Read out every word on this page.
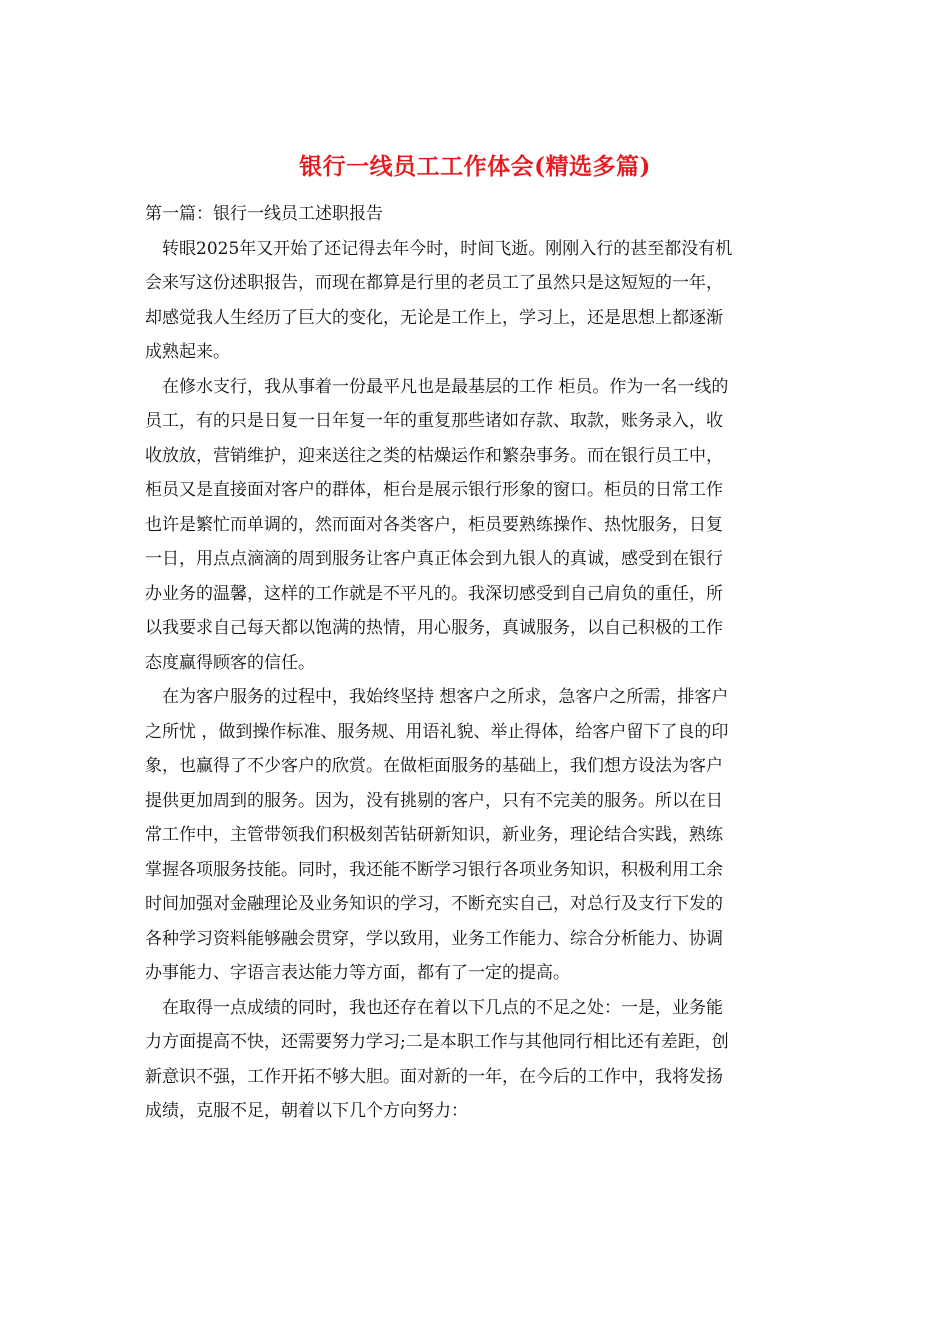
银行一线员工工作体会(精选多篇)
第一篇：银行一线员工述职报告
转眼2025年又开始了还记得去年今时，时间飞逝。刚刚入行的甚至都没有机
会来写这份述职报告，而现在都算是行里的老员工了虽然只是这短短的一年，
却感觉我人生经历了巨大的变化，无论是工作上，学习上，还是思想上都逐渐
成熟起来。
在修水支行，我从事着一份最平凡也是最基层的工作 柜员。作为一名一线的
员工，有的只是日复一日年复一年的重复那些诸如存款、取款，账务录入，收
收放放，营销维护，迎来送往之类的枯燥运作和繁杂事务。而在银行员工中，
柜员又是直接面对客户的群体，柜台是展示银行形象的窗口。柜员的日常工作
也许是繁忙而单调的，然而面对各类客户，柜员要熟练操作、热忱服务，日复
一日，用点点滴滴的周到服务让客户真正体会到九银人的真诚，感受到在银行
办业务的温馨，这样的工作就是不平凡的。我深切感受到自己肩负的重任，所
以我要求自己每天都以饱满的热情，用心服务，真诚服务，以自己积极的工作
态度赢得顾客的信任。
在为客户服务的过程中，我始终坚持 想客户之所求，急客户之所需，排客户
之所忧 ，做到操作标准、服务规、用语礼貌、举止得体，给客户留下了良的印
象，也赢得了不少客户的欣赏。在做柜面服务的基础上，我们想方设法为客户
提供更加周到的服务。因为，没有挑剔的客户，只有不完美的服务。所以在日
常工作中，主管带领我们积极刻苦钻研新知识，新业务，理论结合实践，熟练
掌握各项服务技能。同时，我还能不断学习银行各项业务知识，积极利用工余
时间加强对金融理论及业务知识的学习，不断充实自己，对总行及支行下发的
各种学习资料能够融会贯穿，学以致用，业务工作能力、综合分析能力、协调
办事能力、字语言表达能力等方面，都有了一定的提高。
在取得一点成绩的同时，我也还存在着以下几点的不足之处：一是，业务能
力方面提高不快，还需要努力学习;二是本职工作与其他同行相比还有差距，创
新意识不强，工作开拓不够大胆。面对新的一年，在今后的工作中，我将发扬
成绩，克服不足，朝着以下几个方向努力：
